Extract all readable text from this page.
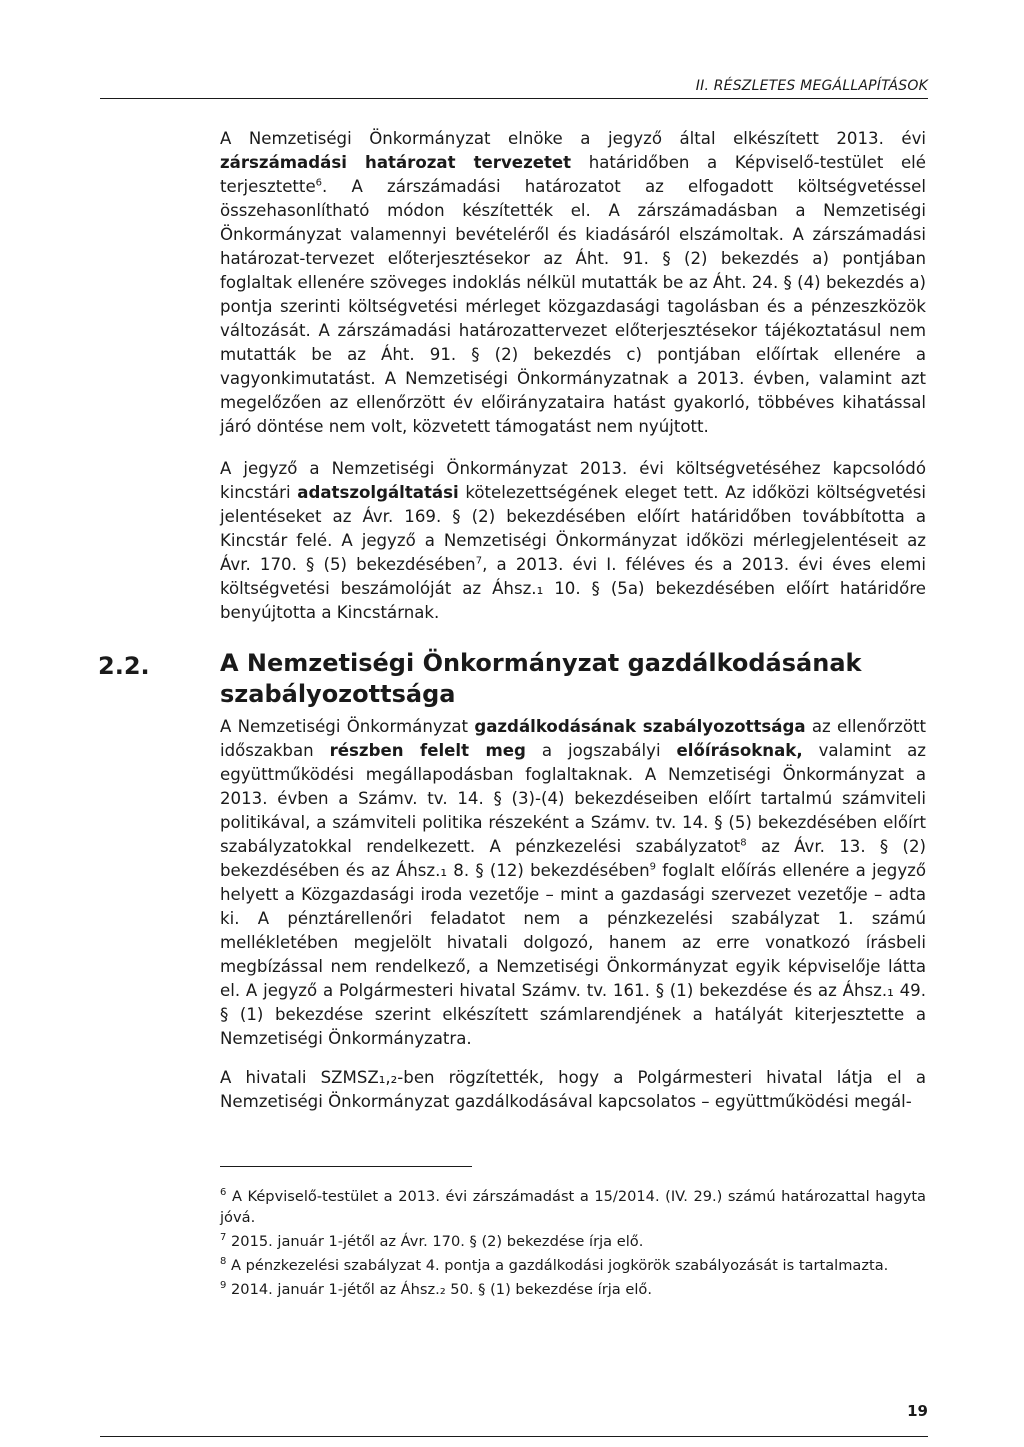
II. RÉSZLETES MEGÁLLAPÍTÁSOK

A Nemzetiségi Önkormányzat elnöke a jegyző által elkészített 2013. évi zárszámadási határozat tervezetet határidőben a Képviselő-testület elé terjesztette$^6$. A zárszámadási határozatot az elfogadott költségvetéssel összehasonlítható módon készítették el. A zárszámadásban a Nemzetiségi Önkormányzat valamennyi bevételéről és kiadásáról elszámoltak. A zárszámadási határozat-tervezet előterjesztésekor az Áht. 91. § (2) bekezdés a) pontjában foglaltak ellenére szöveges indoklás nélkül mutatták be az Áht. 24. § (4) bekezdés a) pontja szerinti költségvetési mérleget közgazdasági tagolásban és a pénzeszközök változását. A zárszámadási határozattervezet előterjesztésekor tájékoztatásul nem mutatták be az Áht. 91. § (2) bekezdés c) pontjában előírtak ellenére a vagyonkimutatást. A Nemzetiségi Önkormányzatnak a 2013. évben, valamint azt megelőzően az ellenőrzött év előirányzataira hatást gyakorló, többéves kihatással járó döntése nem volt, közvetett támogatást nem nyújtott.

A jegyző a Nemzetiségi Önkormányzat 2013. évi költségvetéséhez kapcsolódó kincstári adatszolgáltatási kötelezettségének eleget tett. Az időközi költségvetési jelentéseket az Ávr. 169. § (2) bekezdésében előírt határidőben továbbította a Kincstár felé. A jegyző a Nemzetiségi Önkormányzat időközi mérlegjelentéseit az Ávr. 170. § (5) bekezdésében$^7$, a 2013. évi I. féléves és a 2013. évi éves elemi költségvetési beszámolóját az Áhsz.₁ 10. § (5a) bekezdésében előírt határidőre benyújtotta a Kincstárnak.

2.2.	A Nemzetiségi Önkormányzat gazdálkodásának szabályozottsága

A Nemzetiségi Önkormányzat gazdálkodásának szabályozottsága az ellenőrzött időszakban részben felelt meg a jogszabályi előírásoknak, valamint az együttműködési megállapodásban foglaltaknak. A Nemzetiségi Önkormányzat a 2013. évben a Számv. tv. 14. § (3)-(4) bekezdéseiben előírt tartalmú számviteli politikával, a számviteli politika részeként a Számv. tv. 14. § (5) bekezdésében előírt szabályzatokkal rendelkezett. A pénzkezelési szabályzatot$^8$ az Ávr. 13. § (2) bekezdésében és az Áhsz.₁ 8. § (12) bekezdésében$^9$ foglalt előírás ellenére a jegyző helyett a Közgazdasági iroda vezetője – mint a gazdasági szervezet vezetője – adta ki. A pénztárellenőri feladatot nem a pénzkezelési szabályzat 1. számú mellékletében megjelölt hivatali dolgozó, hanem az erre vonatkozó írásbeli megbízással nem rendelkező, a Nemzetiségi Önkormányzat egyik képviselője látta el. A jegyző a Polgármesteri hivatal Számv. tv. 161. § (1) bekezdése és az Áhsz.₁ 49. § (1) bekezdése szerint elkészített számlarendjének a hatályát kiterjesztette a Nemzetiségi Önkormányzatra.

A hivatali SZMSZ₁,₂-ben rögzítették, hogy a Polgármesteri hivatal látja el a Nemzetiségi Önkormányzat gazdálkodásával kapcsolatos – együttműködési megál-

$^6$ A Képviselő-testület a 2013. évi zárszámadást a 15/2014. (IV. 29.) számú határozattal hagyta jóvá.

$^7$ 2015. január 1-jétől az Ávr. 170. § (2) bekezdése írja elő.

$^8$ A pénzkezelési szabályzat 4. pontja a gazdálkodási jogkörök szabályozását is tartalmazta.

$^9$ 2014. január 1-jétől az Áhsz.₂ 50. § (1) bekezdése írja elő.

19
